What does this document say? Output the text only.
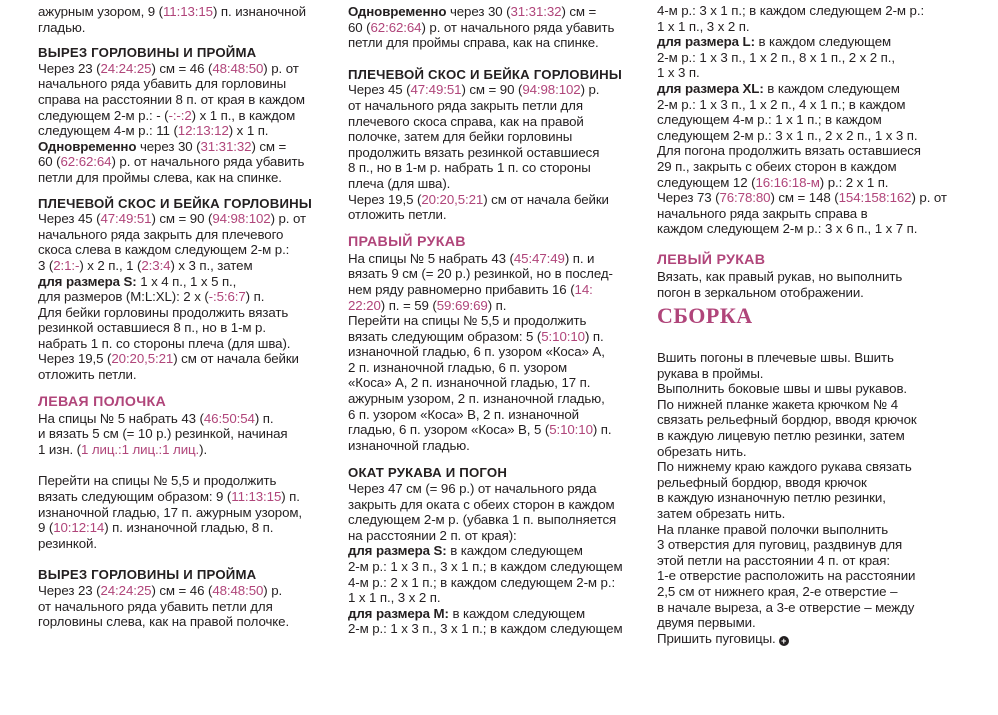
ажурным узором, 9 (11:13:15) п. изнаночной
гладью.
ВЫРЕЗ ГОРЛОВИНЫ И ПРОЙМА
Через 23 (24:24:25) см = 46 (48:48:50) р. от
начального ряда убавить для горловины
справа на расстоянии 8 п. от края в каждом
следующем 2-м р.: - (-:-:2) х 1 п., в каждом
следующем 4-м р.: 11 (12:13:12) х 1 п.
Одновременно через 30 (31:31:32) см =
60 (62:62:64) р. от начального ряда убавить
петли для проймы слева, как на спинке.
ПЛЕЧЕВОЙ СКОС И БЕЙКА ГОРЛОВИНЫ
Через 45 (47:49:51) см = 90 (94:98:102) р. от
начального ряда закрыть для плечевого
скоса слева в каждом следующем 2-м р.:
3 (2:1:-) х 2 п., 1 (2:3:4) х 3 п., затем
для размера S: 1 х 4 п., 1 х 5 п.,
для размеров (M:L:XL): 2 х (-:5:6:7) п.
Для бейки горловины продолжить вязать
резинкой оставшиеся 8 п., но в 1-м р.
набрать 1 п. со стороны плеча (для шва).
Через 19,5 (20:20,5:21) см от начала бейки
отложить петли.
ЛЕВАЯ ПОЛОЧКА
На спицы № 5 набрать 43 (46:50:54) п.
и вязать 5 см (= 10 р.) резинкой, начиная
1 изн. (1 лиц.:1 лиц.:1 лиц.).
Перейти на спицы № 5,5 и продолжить
вязать следующим образом: 9 (11:13:15) п.
изнаночной гладью, 17 п. ажурным узором,
9 (10:12:14) п. изнаночной гладью, 8 п.
резинкой.
ВЫРЕЗ ГОРЛОВИНЫ И ПРОЙМА
Через 23 (24:24:25) см = 46 (48:48:50) р.
от начального ряда убавить петли для
горловины слева, как на правой полочке.
Одновременно через 30 (31:31:32) см =
60 (62:62:64) р. от начального ряда убавить
петли для проймы справа, как на спинке.
ПЛЕЧЕВОЙ СКОС И БЕЙКА ГОРЛОВИНЫ
Через 45 (47:49:51) см = 90 (94:98:102) р.
от начального ряда закрыть петли для
плечевого скоса справа, как на правой
полочке, затем для бейки горловины
продолжить вязать резинкой оставшиеся
8 п., но в 1-м р. набрать 1 п. со стороны
плеча (для шва).
Через 19,5 (20:20,5:21) см от начала бейки
отложить петли.
ПРАВЫЙ РУКАВ
На спицы № 5 набрать 43 (45:47:49) п. и
вязать 9 см (= 20 р.) резинкой, но в послед-
нем ряду равномерно прибавить 16 (14:
22:20) п. = 59 (59:69:69) п.
Перейти на спицы № 5,5 и продолжить
вязать следующим образом: 5 (5:10:10) п.
изнаночной гладью, 6 п. узором «Коса» А,
2 п. изнаночной гладью, 6 п. узором
«Коса» А, 2 п. изнаночной гладью, 17 п.
ажурным узором, 2 п. изнаночной гладью,
6 п. узором «Коса» В, 2 п. изнаночной
гладью, 6 п. узором «Коса» В, 5 (5:10:10) п.
изнаночной гладью.
ОКАТ РУКАВА И ПОГОН
Через 47 см (= 96 р.) от начального ряда
закрыть для оката с обеих сторон в каждом
следующем 2-м р. (убавка 1 п. выполняется
на расстоянии 2 п. от края):
для размера S: в каждом следующем
2-м р.: 1 х 3 п., 3 х 1 п.; в каждом следующем
4-м р.: 2 х 1 п.; в каждом следующем 2-м р.:
1 х 1 п., 3 х 2 п.
для размера M: в каждом следующем
2-м р.: 1 х 3 п., 3 х 1 п.; в каждом следующем
4-м р.: 3 х 1 п.; в каждом следующем 2-м р.:
1 х 1 п., 3 х 2 п.
для размера L: в каждом следующем
2-м р.: 1 х 3 п., 1 х 2 п., 8 х 1 п., 2 х 2 п.,
1 х 3 п.
для размера XL: в каждом следующем
2-м р.: 1 х 3 п., 1 х 2 п., 4 х 1 п.; в каждом
следующем 4-м р.: 1 х 1 п.; в каждом
следующем 2-м р.: 3 х 1 п., 2 х 2 п., 1 х 3 п.
Для погона продолжить вязать оставшиеся
29 п., закрыть с обеих сторон в каждом
следующем 12 (16:16:18-м) р.: 2 х 1 п.
Через 73 (76:78:80) см = 148 (154:158:162) р. от
начального ряда закрыть справа в
каждом следующем 2-м р.: 3 х 6 п., 1 х 7 п.
ЛЕВЫЙ РУКАВ
Вязать, как правый рукав, но выполнить
погон в зеркальном отображении.
СБОРКА
Вшить погоны в плечевые швы. Вшить
рукава в проймы.
Выполнить боковые швы и швы рукавов.
По нижней планке жакета крючком № 4
связать рельефный бордюр, вводя крючок
в каждую лицевую петлю резинки, затем
обрезать нить.
По нижнему краю каждого рукава связать
рельефный бордюр, вводя крючок
в каждую изнаночную петлю резинки,
затем обрезать нить.
На планке правой полочки выполнить
3 отверстия для пуговиц, раздвинув для
этой петли на расстоянии 4 п. от края:
1-е отверстие расположить на расстоянии
2,5 см от нижнего края, 2-е отверстие –
в начале выреза, а 3-е отверстие – между
двумя первыми.
Пришить пуговицы. +
